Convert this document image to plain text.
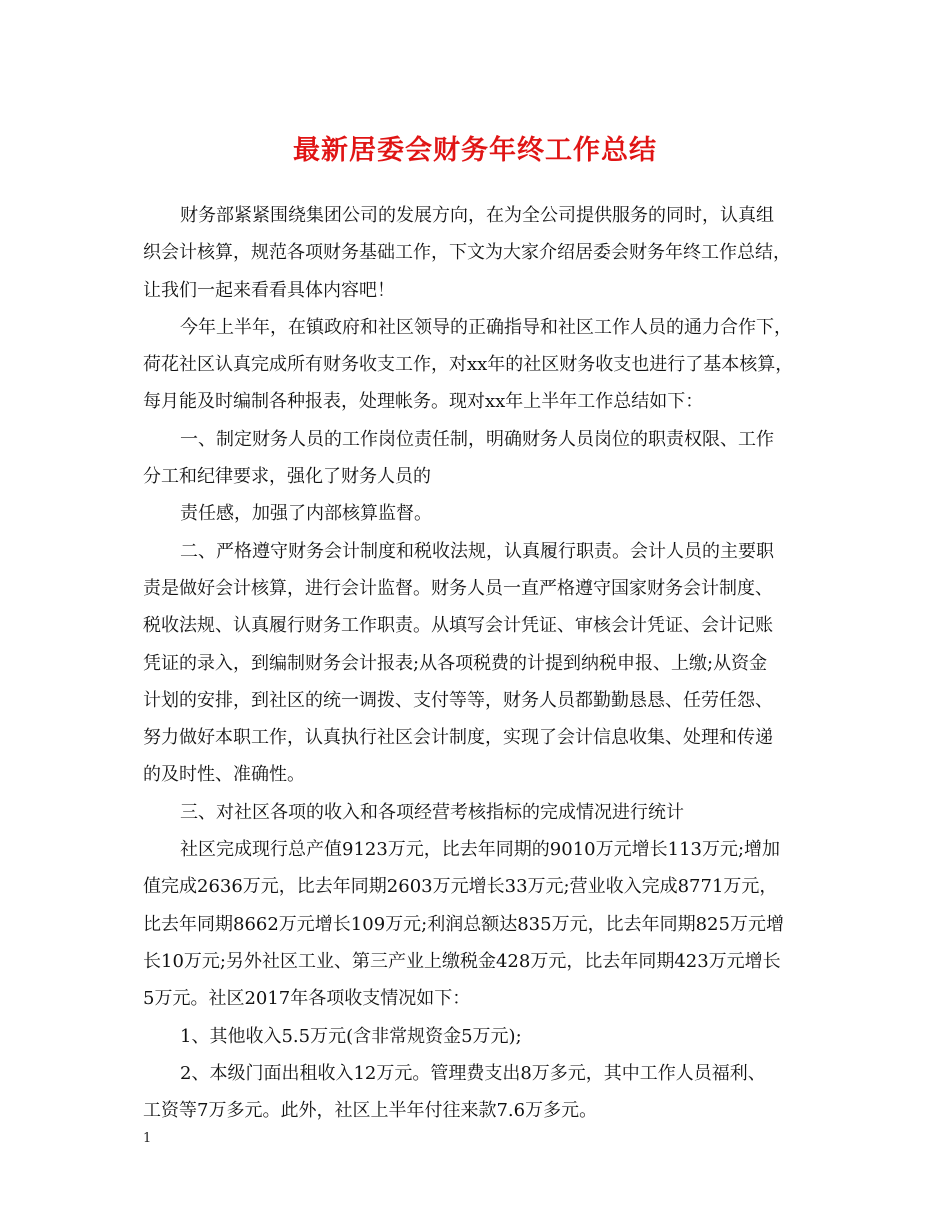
最新居委会财务年终工作总结
财务部紧紧围绕集团公司的发展方向，在为全公司提供服务的同时，认真组
织会计核算，规范各项财务基础工作，下文为大家介绍居委会财务年终工作总结，
让我们一起来看看具体内容吧！
今年上半年，在镇政府和社区领导的正确指导和社区工作人员的通力合作下，
荷花社区认真完成所有财务收支工作，对xx年的社区财务收支也进行了基本核算，
每月能及时编制各种报表，处理帐务。现对xx年上半年工作总结如下：
一、制定财务人员的工作岗位责任制，明确财务人员岗位的职责权限、工作
分工和纪律要求，强化了财务人员的
责任感，加强了内部核算监督。
二、严格遵守财务会计制度和税收法规，认真履行职责。会计人员的主要职
责是做好会计核算，进行会计监督。财务人员一直严格遵守国家财务会计制度、
税收法规、认真履行财务工作职责。从填写会计凭证、审核会计凭证、会计记账
凭证的录入，到编制财务会计报表;从各项税费的计提到纳税申报、上缴;从资金
计划的安排，到社区的统一调拨、支付等等，财务人员都勤勤恳恳、任劳任怨、
努力做好本职工作，认真执行社区会计制度，实现了会计信息收集、处理和传递
的及时性、准确性。
三、对社区各项的收入和各项经营考核指标的完成情况进行统计
社区完成现行总产值9123万元，比去年同期的9010万元增长113万元;增加
值完成2636万元，比去年同期2603万元增长33万元;营业收入完成8771万元，
比去年同期8662万元增长109万元;利润总额达835万元，比去年同期825万元增
长10万元;另外社区工业、第三产业上缴税金428万元，比去年同期423万元增长
5万元。社区2017年各项收支情况如下：
1、其他收入5.5万元(含非常规资金5万元);
2、本级门面出租收入12万元。管理费支出8万多元，其中工作人员福利、
工资等7万多元。此外，社区上半年付往来款7.6万多元。
1
